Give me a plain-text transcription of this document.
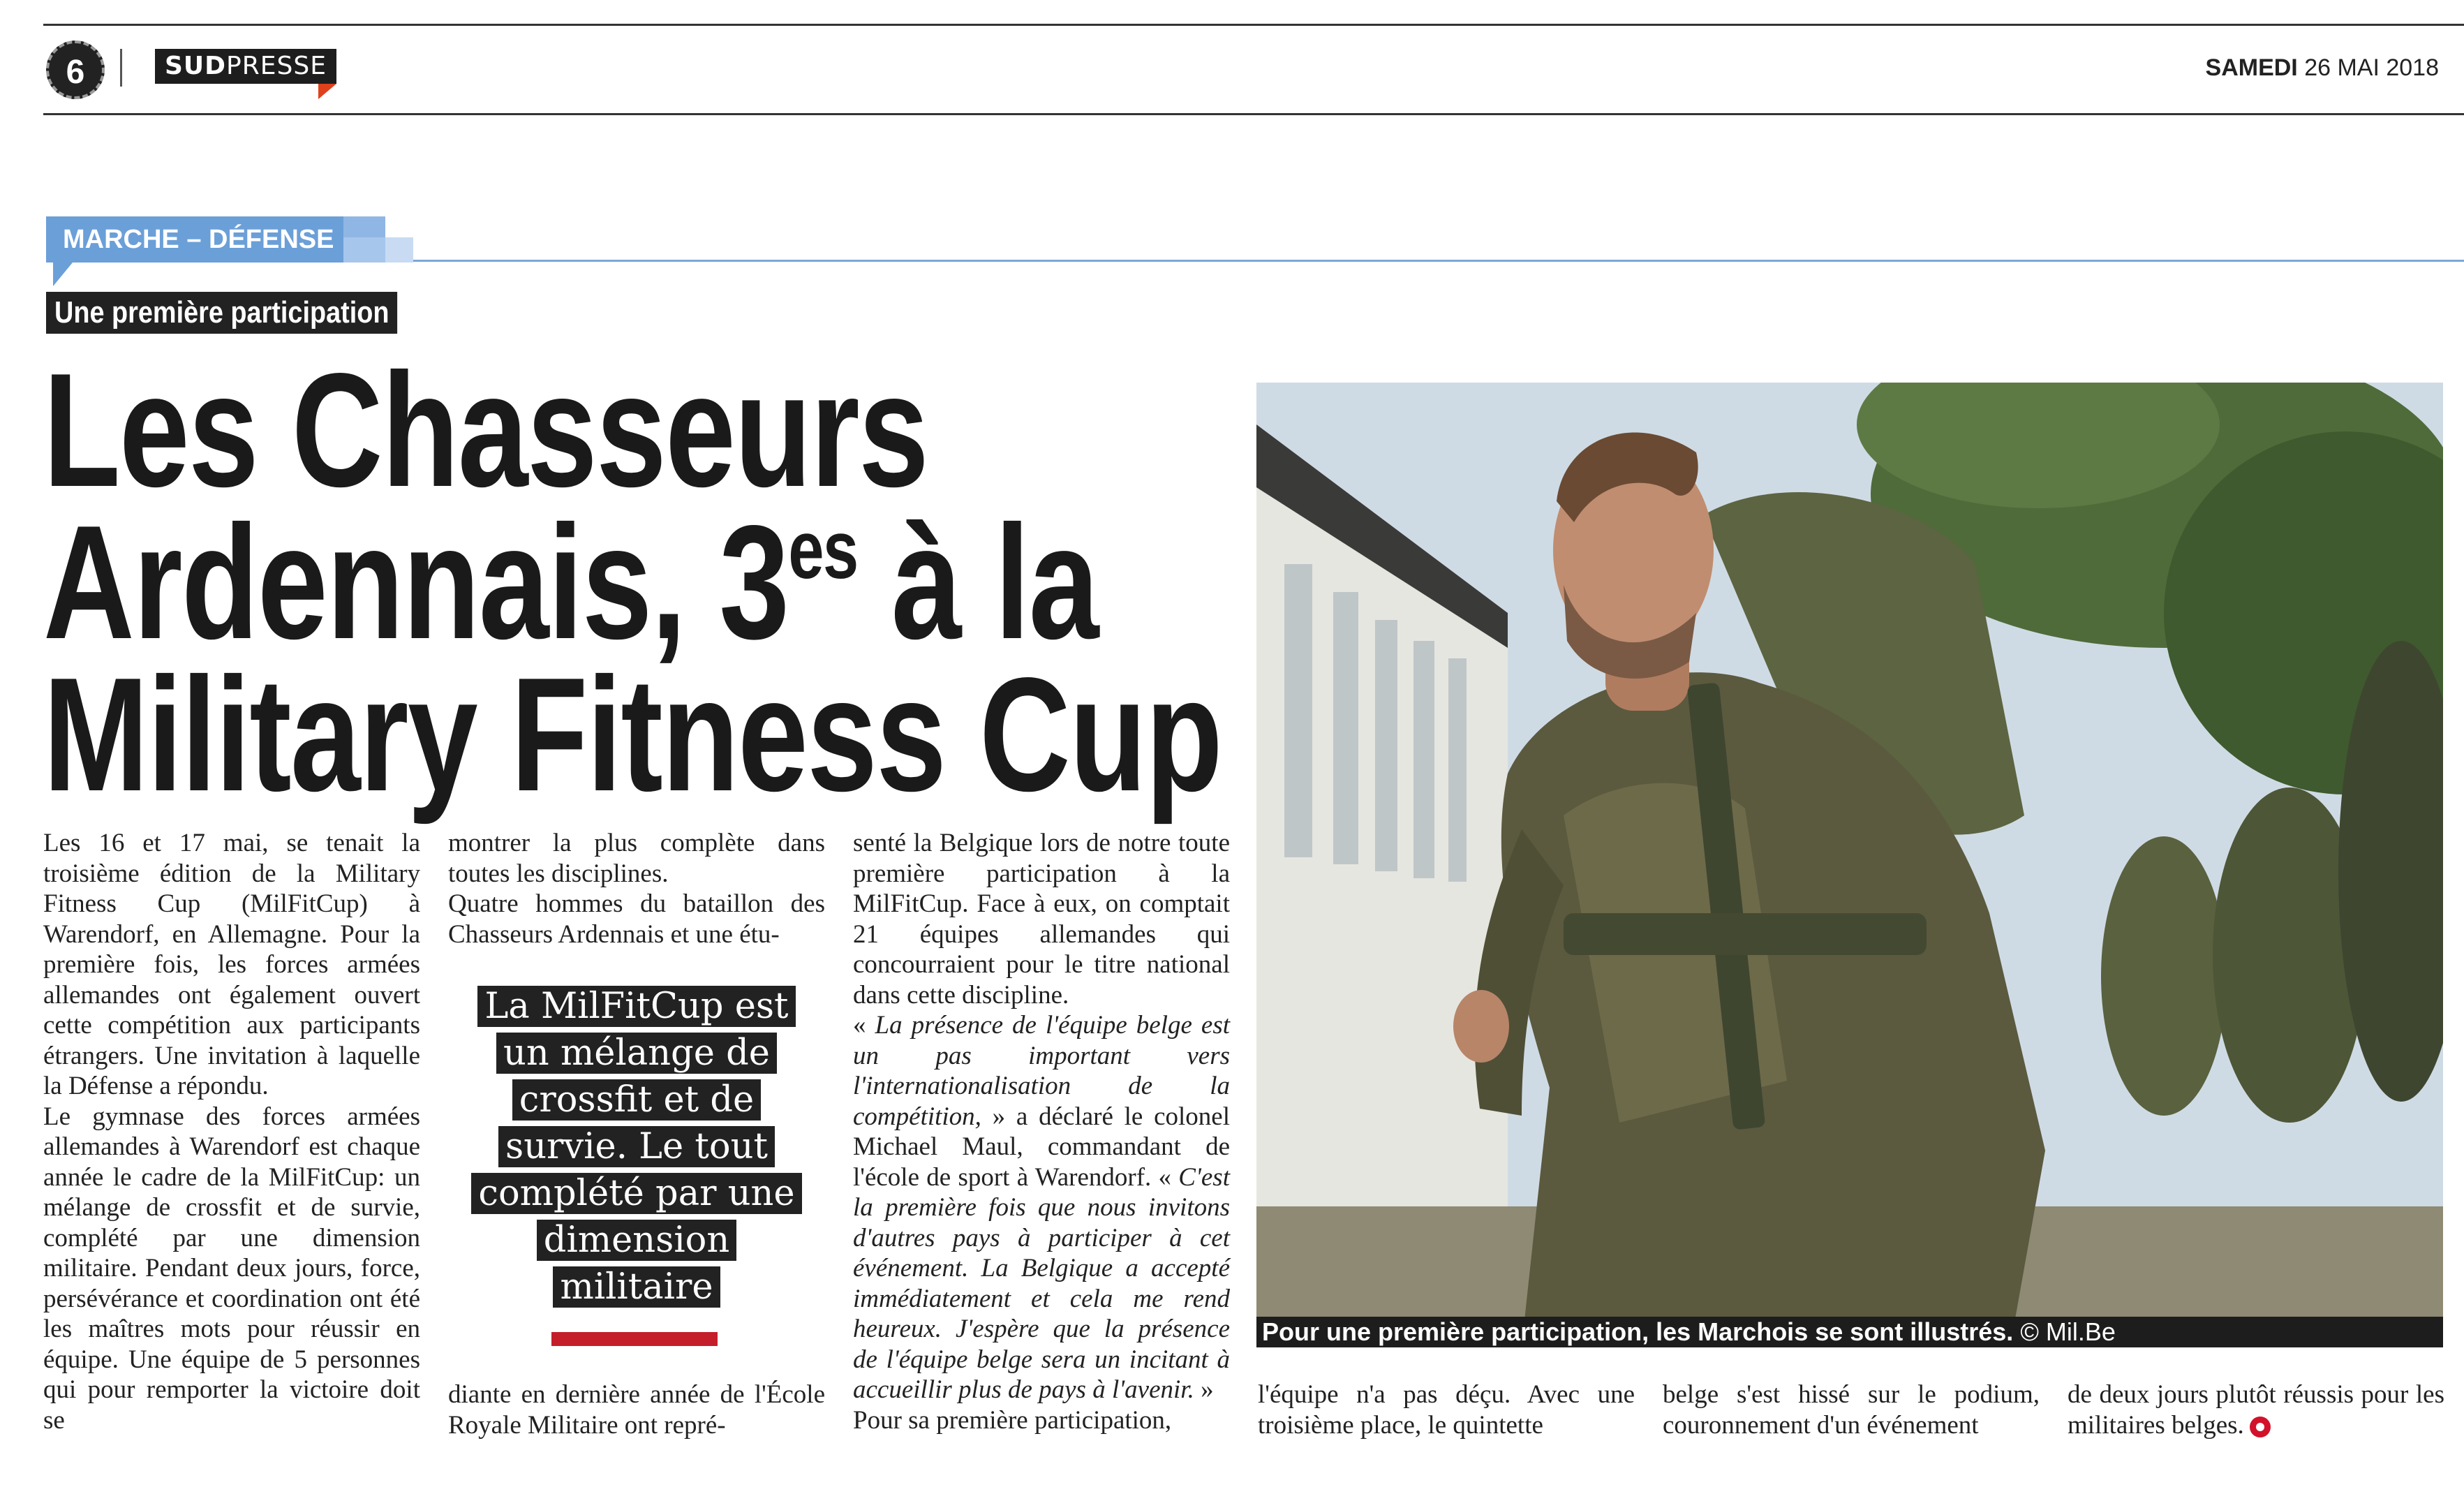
6	SUDPRESSE	SAMEDI 26 MAI 2018
MARCHE – DÉFENSE
Une première participation
Les Chasseurs
Ardennais, $3^{es}$ à la
Military Fitness Cup

Les 16 et 17 mai, se tenait la troisième édition de la Military Fitness Cup (MilFitCup) à Warendorf, en Allemagne. Pour la première fois, les forces armées allemandes ont également ouvert cette compétition aux participants étrangers. Une invitation à laquelle la Défense a répondu.

Le gymnase des forces armées allemandes à Warendorf est chaque année le cadre de la MilFitCup: un mélange de crossfit et de survie, complété par une dimension militaire. Pendant deux jours, force, persévérance et coordination ont été les maîtres mots pour réussir en équipe. Une équipe de 5 personnes qui pour remporter la victoire doit se

montrer la plus complète dans toutes les disciplines.

Quatre hommes du bataillon des Chasseurs Ardennais et une étu-

diante en dernière année de l'École Royale Militaire ont repré-

senté la Belgique lors de notre toute première participation à la MilFitCup. Face à eux, on comptait 21 équipes allemandes qui concourraient pour le titre national dans cette discipline.

« La présence de l'équipe belge est un pas important vers l'internationalisation de la compétition, » a déclaré le colonel Michael Maul, commandant de l'école de sport à Warendorf. « C'est la première fois que nous invitons d'autres pays à participer à cet événement. La Belgique a accepté immédiatement et cela me rend heureux. J'espère que la présence de l'équipe belge sera un incitant à accueillir plus de pays à l'avenir. »

Pour sa première participation,

l'équipe n'a pas déçu. Avec une troisième place, le quintette
belge s'est hissé sur le podium, couronnement d'un événement
de deux jours plutôt réussis pour les militaires belges.
La MilFitCup est
un mélange de
crossfit et de
survie. Le tout
complété par une
dimension
militaire
Pour une première participation, les Marchois se sont illustrés. © Mil.Be
